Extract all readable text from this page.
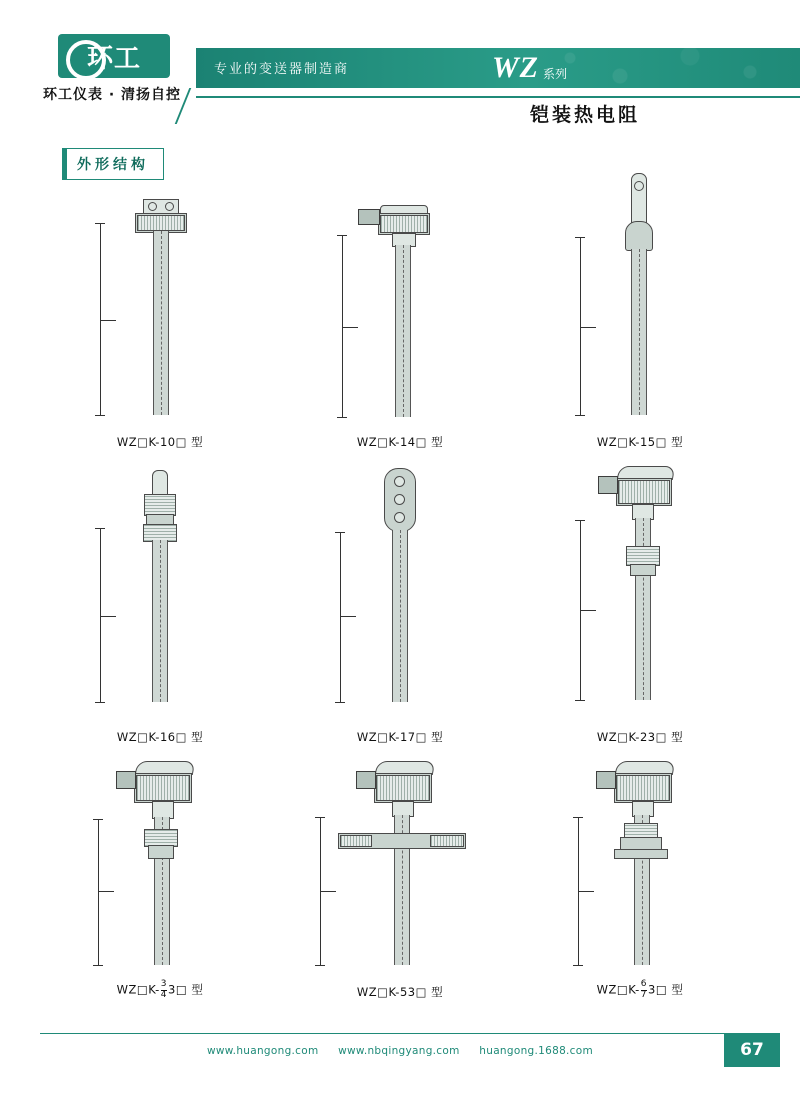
专业的变送器制造商	WZ 系列
铠装热电阻
环工
环工仪表 · 清扬自控
外形结构
WZ□K-10□ 型	WZ□K-14□ 型	WZ□K-15□ 型
WZ□K-16□ 型	WZ□K-17□ 型	WZ□K-23□ 型
WZ□K- $\frac{3}{4}$ 3□ 型	WZ□K-53□ 型	WZ□K- $\frac{6}{7}$ 3□ 型
www.huangong.com www.nbqingyang.com huangong.1688.com	67
